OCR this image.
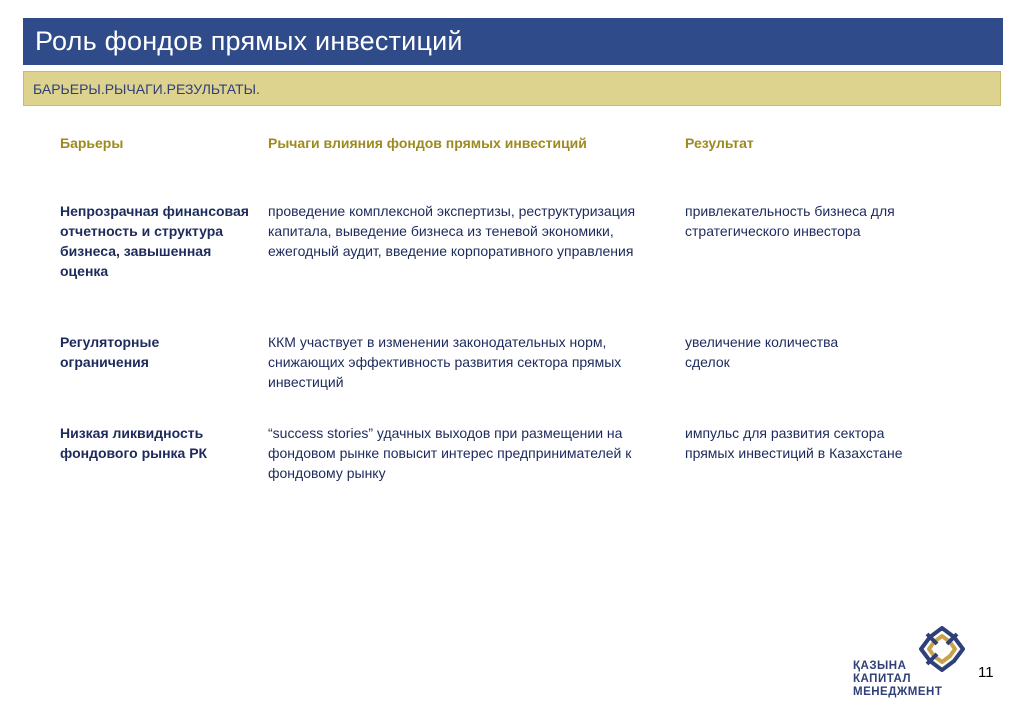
Роль фондов прямых инвестиций
БАРЬЕРЫ.РЫЧАГИ.РЕЗУЛЬТАТЫ.
Барьеры	Рычаги влияния фондов прямых инвестиций	Результат
Непрозрачная финансовая отчетность и структура бизнеса, завышенная оценка
проведение комплексной экспертизы, реструктуризация капитала, выведение бизнеса из теневой экономики, ежегодный аудит, введение корпоративного управления
привлекательность бизнеса для стратегического инвестора
Регуляторные ограничения
ККМ участвует в изменении законодательных норм, снижающих эффективность развития сектора прямых инвестиций
увеличение количества сделок
Низкая ликвидность фондового рынка РК
“success stories” удачных выходов при размещении на фондовом рынке повысит интерес предпринимателей к фондовому рынку
импульс для развития сектора прямых инвестиций в Казахстане
ҚАЗЫНА
КАПИТАЛ
МЕНЕДЖМЕНТ
11
